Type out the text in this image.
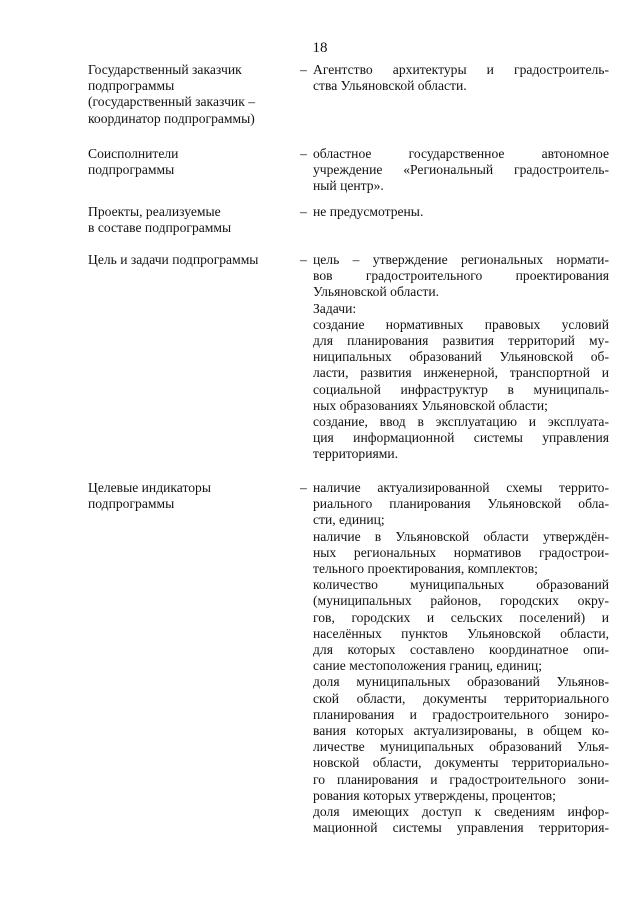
18
Государственный заказчик
подпрограммы
(государственный заказчик –
координатор подпрограммы)
– Агентство архитектуры и градостроитель-
ства Ульяновской области.
Соисполнители
подпрограммы
– областное государственное автономное
учреждение «Региональный градостроитель-
ный центр».
Проекты, реализуемые
в составе подпрограммы
– не предусмотрены.
Цель и задачи подпрограммы	– цель – утверждение региональных нормати-
вов градостроительного проектирования
Ульяновской области.
Задачи:
создание нормативных правовых условий
для планирования развития территорий му-
ниципальных образований Ульяновской об-
ласти, развития инженерной, транспортной и
социальной инфраструктур в муниципаль-
ных образованиях Ульяновской области;
создание, ввод в эксплуатацию и эксплуата-
ция информационной системы управления
территориями.
Целевые индикаторы
подпрограммы
– наличие актуализированной схемы террито-
риального планирования Ульяновской обла-
сти, единиц;
наличие в Ульяновской области утверждён-
ных региональных нормативов градострои-
тельного проектирования, комплектов;
количество муниципальных образований
(муниципальных районов, городских окру-
гов, городских и сельских поселений) и
населённых пунктов Ульяновской области,
для которых составлено координатное опи-
сание местоположения границ, единиц;
доля муниципальных образований Ульянов-
ской области, документы территориального
планирования и градостроительного зониро-
вания которых актуализированы, в общем ко-
личестве муниципальных образований Улья-
новской области, документы территориально-
го планирования и градостроительного зони-
рования которых утверждены, процентов;
доля имеющих доступ к сведениям инфор-
мационной системы управления территория-
